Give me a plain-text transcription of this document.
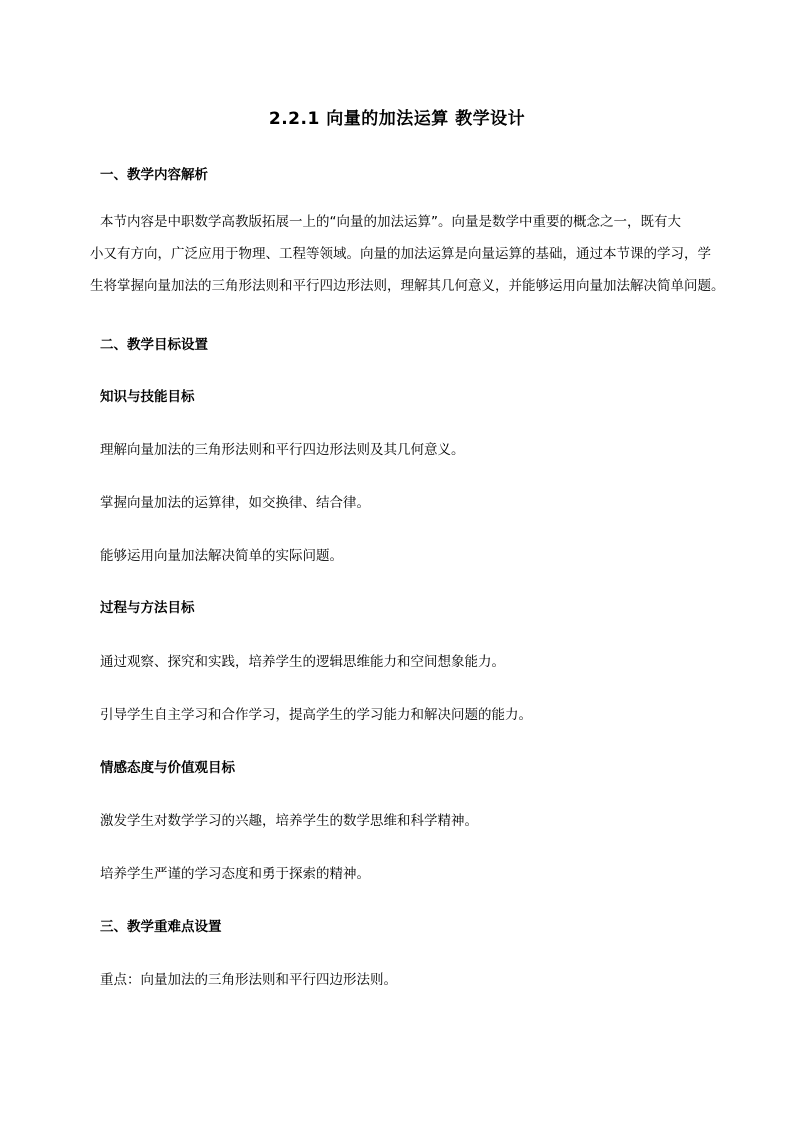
2.2.1 向量的加法运算 教学设计
一、教学内容解析
本节内容是中职数学高教版拓展一上的“向量的加法运算”。向量是数学中重要的概念之一，既有大
小又有方向，广泛应用于物理、工程等领域。向量的加法运算是向量运算的基础，通过本节课的学习，学
生将掌握向量加法的三角形法则和平行四边形法则，理解其几何意义，并能够运用向量加法解决简单问题。
二、教学目标设置
知识与技能目标
理解向量加法的三角形法则和平行四边形法则及其几何意义。
掌握向量加法的运算律，如交换律、结合律。
能够运用向量加法解决简单的实际问题。
过程与方法目标
通过观察、探究和实践，培养学生的逻辑思维能力和空间想象能力。
引导学生自主学习和合作学习，提高学生的学习能力和解决问题的能力。
情感态度与价值观目标
激发学生对数学学习的兴趣，培养学生的数学思维和科学精神。
培养学生严谨的学习态度和勇于探索的精神。
三、教学重难点设置
重点：向量加法的三角形法则和平行四边形法则。
